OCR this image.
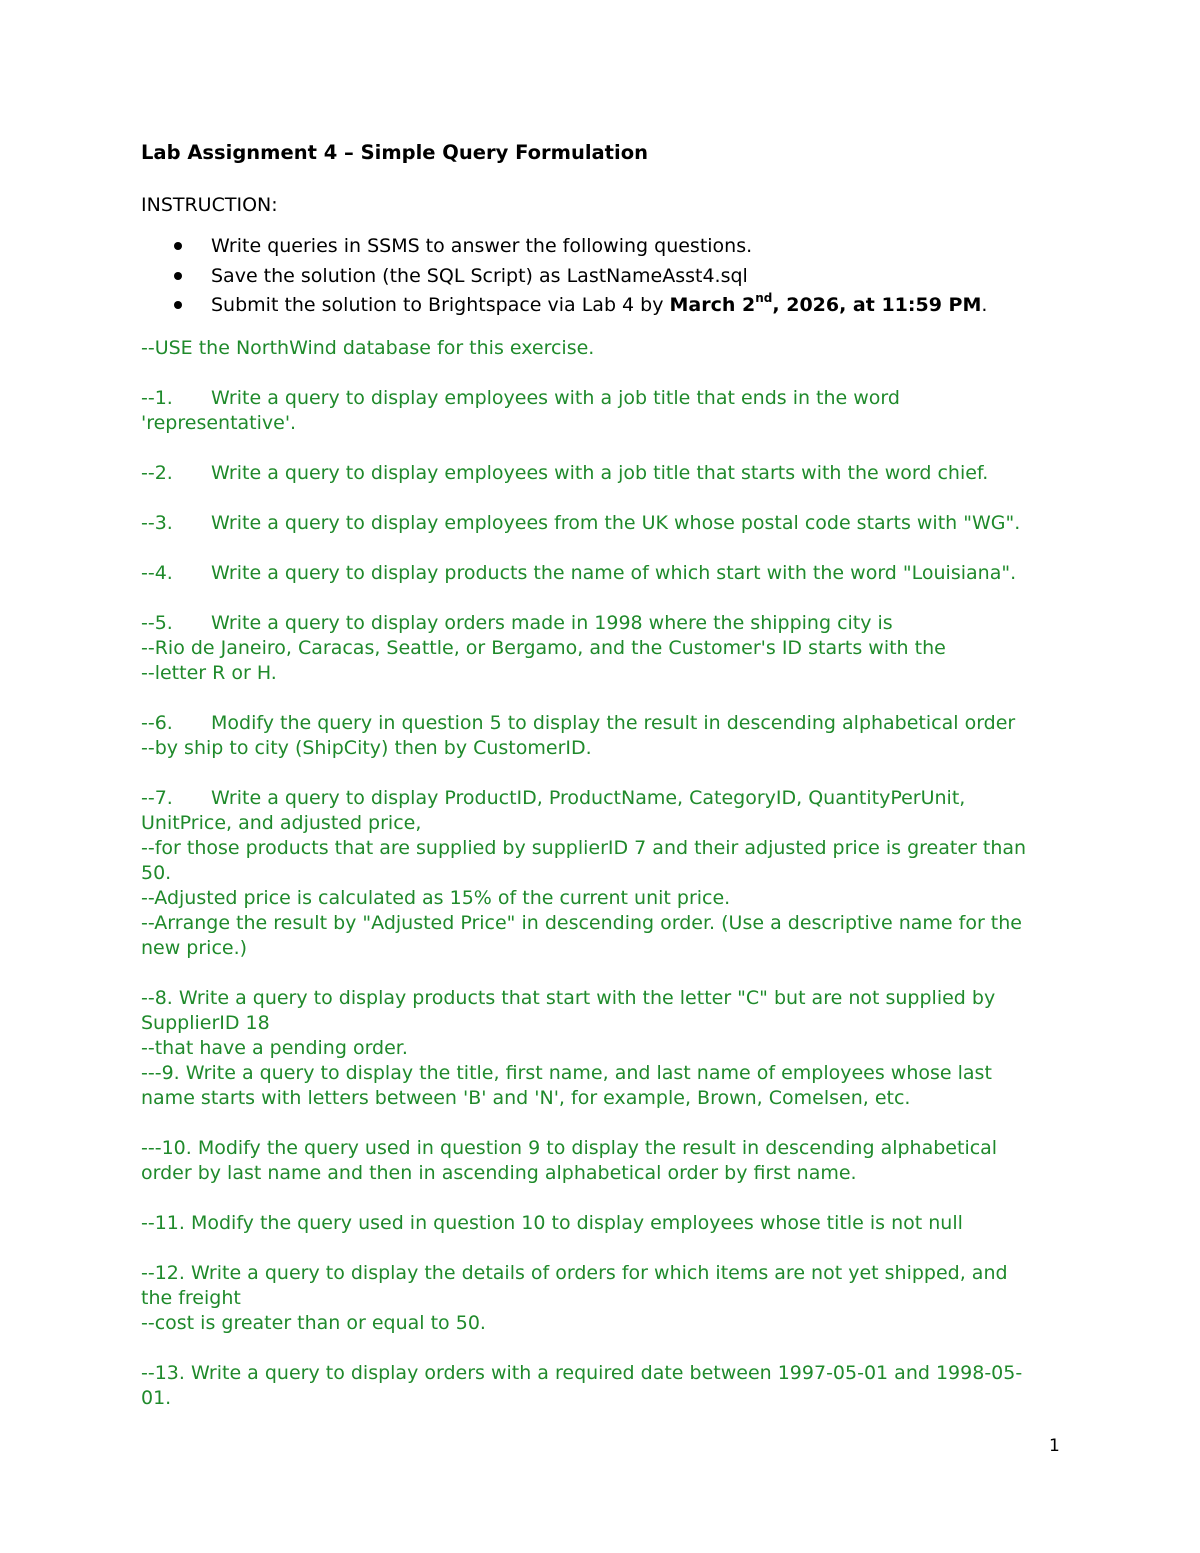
Lab Assignment 4 – Simple Query Formulation
INSTRUCTION:
Write queries in SSMS to answer the following questions.
Save the solution (the SQL Script) as LastNameAsst4.sql
Submit the solution to Brightspace via Lab 4 by March 2nd, 2026, at 11:59 PM.

--USE the NorthWind database for this exercise.

--1. Write a query to display employees with a job title that ends in the word

'representative'.

--2. Write a query to display employees with a job title that starts with the word chief.

--3. Write a query to display employees from the UK whose postal code starts with "WG".

--4. Write a query to display products the name of which start with the word "Louisiana".

--5. Write a query to display orders made in 1998 where the shipping city is

--Rio de Janeiro, Caracas, Seattle, or Bergamo, and the Customer's ID starts with the

--letter R or H.

--6. Modify the query in question 5 to display the result in descending alphabetical order

--by ship to city (ShipCity) then by CustomerID.

--7. Write a query to display ProductID, ProductName, CategoryID, QuantityPerUnit,

UnitPrice, and adjusted price,

--for those products that are supplied by supplierID 7 and their adjusted price is greater than

50.

--Adjusted price is calculated as 15% of the current unit price.

--Arrange the result by "Adjusted Price" in descending order. (Use a descriptive name for the

new price.)

--8. Write a query to display products that start with the letter "C" but are not supplied by

SupplierID 18

--that have a pending order.

---9. Write a query to display the title, first name, and last name of employees whose last

name starts with letters between 'B' and 'N', for example, Brown, Comelsen, etc.

---10. Modify the query used in question 9 to display the result in descending alphabetical

order by last name and then in ascending alphabetical order by first name.

--11. Modify the query used in question 10 to display employees whose title is not null

--12. Write a query to display the details of orders for which items are not yet shipped, and

the freight

--cost is greater than or equal to 50.

--13. Write a query to display orders with a required date between 1997-05-01 and 1998-05-

01.

1
